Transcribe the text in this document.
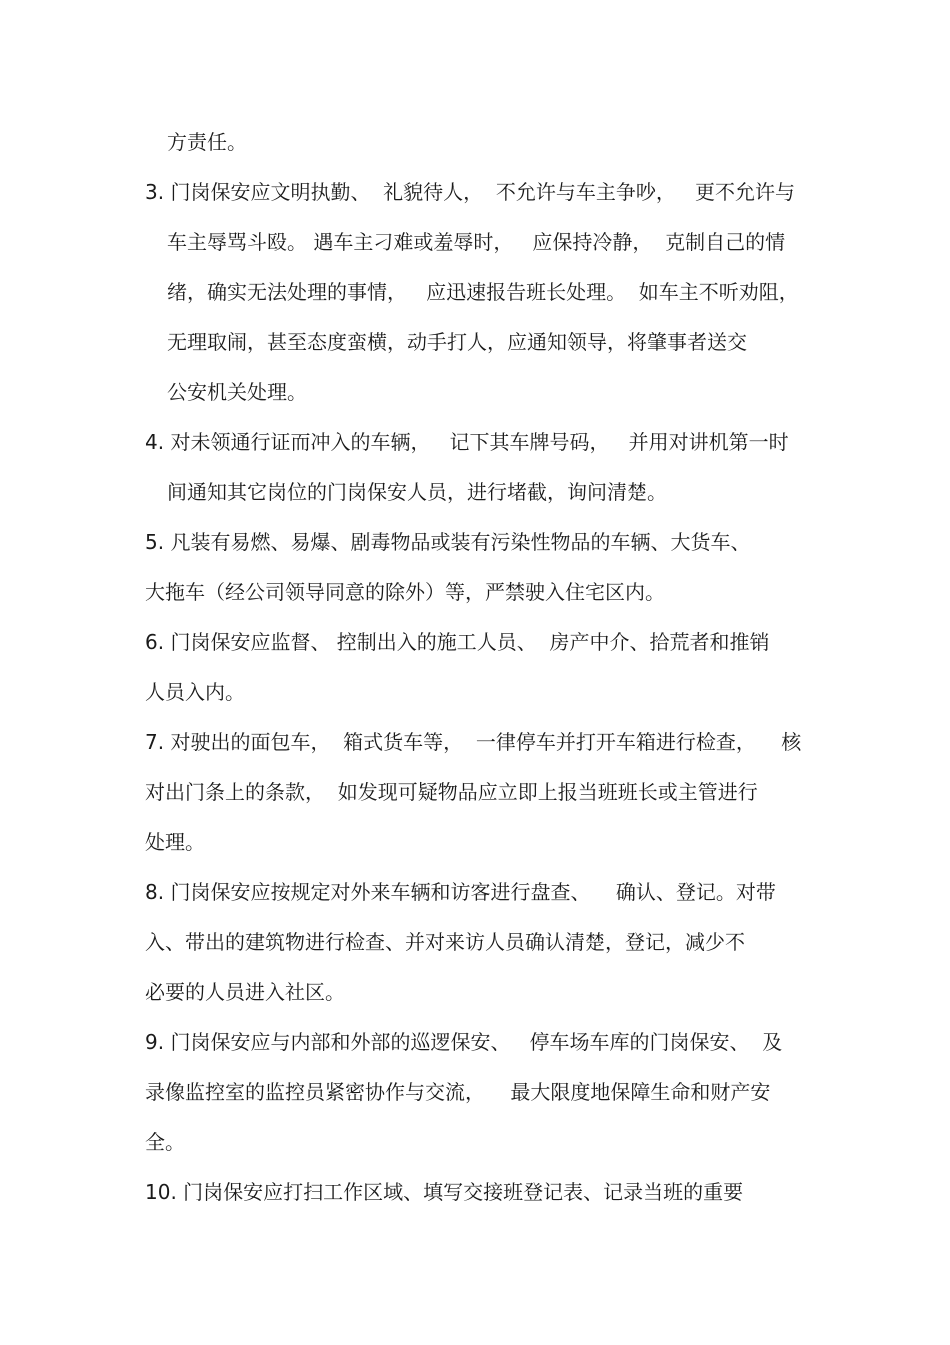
方责任。

3. 门岗保安应文明执勤、  礼貌待人，  不允许与车主争吵，   更不允许与

车主辱骂斗殴。 遇车主刁难或羞辱时，   应保持冷静，  克制自己的情

绪，确实无法处理的事情，   应迅速报告班长处理。  如车主不听劝阻，

无理取闹，甚至态度蛮横，动手打人，应通知领导，将肇事者送交

公安机关处理。

4. 对未领通行证而冲入的车辆，   记下其车牌号码，   并用对讲机第一时

间通知其它岗位的门岗保安人员，进行堵截，询问清楚。

5. 凡装有易燃、易爆、剧毒物品或装有污染性物品的车辆、大货车、

大拖车（经公司领导同意的除外）等，严禁驶入住宅区内。

6. 门岗保安应监督、 控制出入的施工人员、  房产中介、拾荒者和推销

人员入内。

7. 对驶出的面包车，  箱式货车等，  一律停车并打开车箱进行检查，    核

对出门条上的条款，  如发现可疑物品应立即上报当班班长或主管进行

处理。

8. 门岗保安应按规定对外来车辆和访客进行盘查、    确认、登记。对带

入、带出的建筑物进行检查、并对来访人员确认清楚，登记，减少不

必要的人员进入社区。

9. 门岗保安应与内部和外部的巡逻保安、   停车场车库的门岗保安、  及

录像监控室的监控员紧密协作与交流，    最大限度地保障生命和财产安

全。

10. 门岗保安应打扫工作区域、填写交接班登记表、记录当班的重要
